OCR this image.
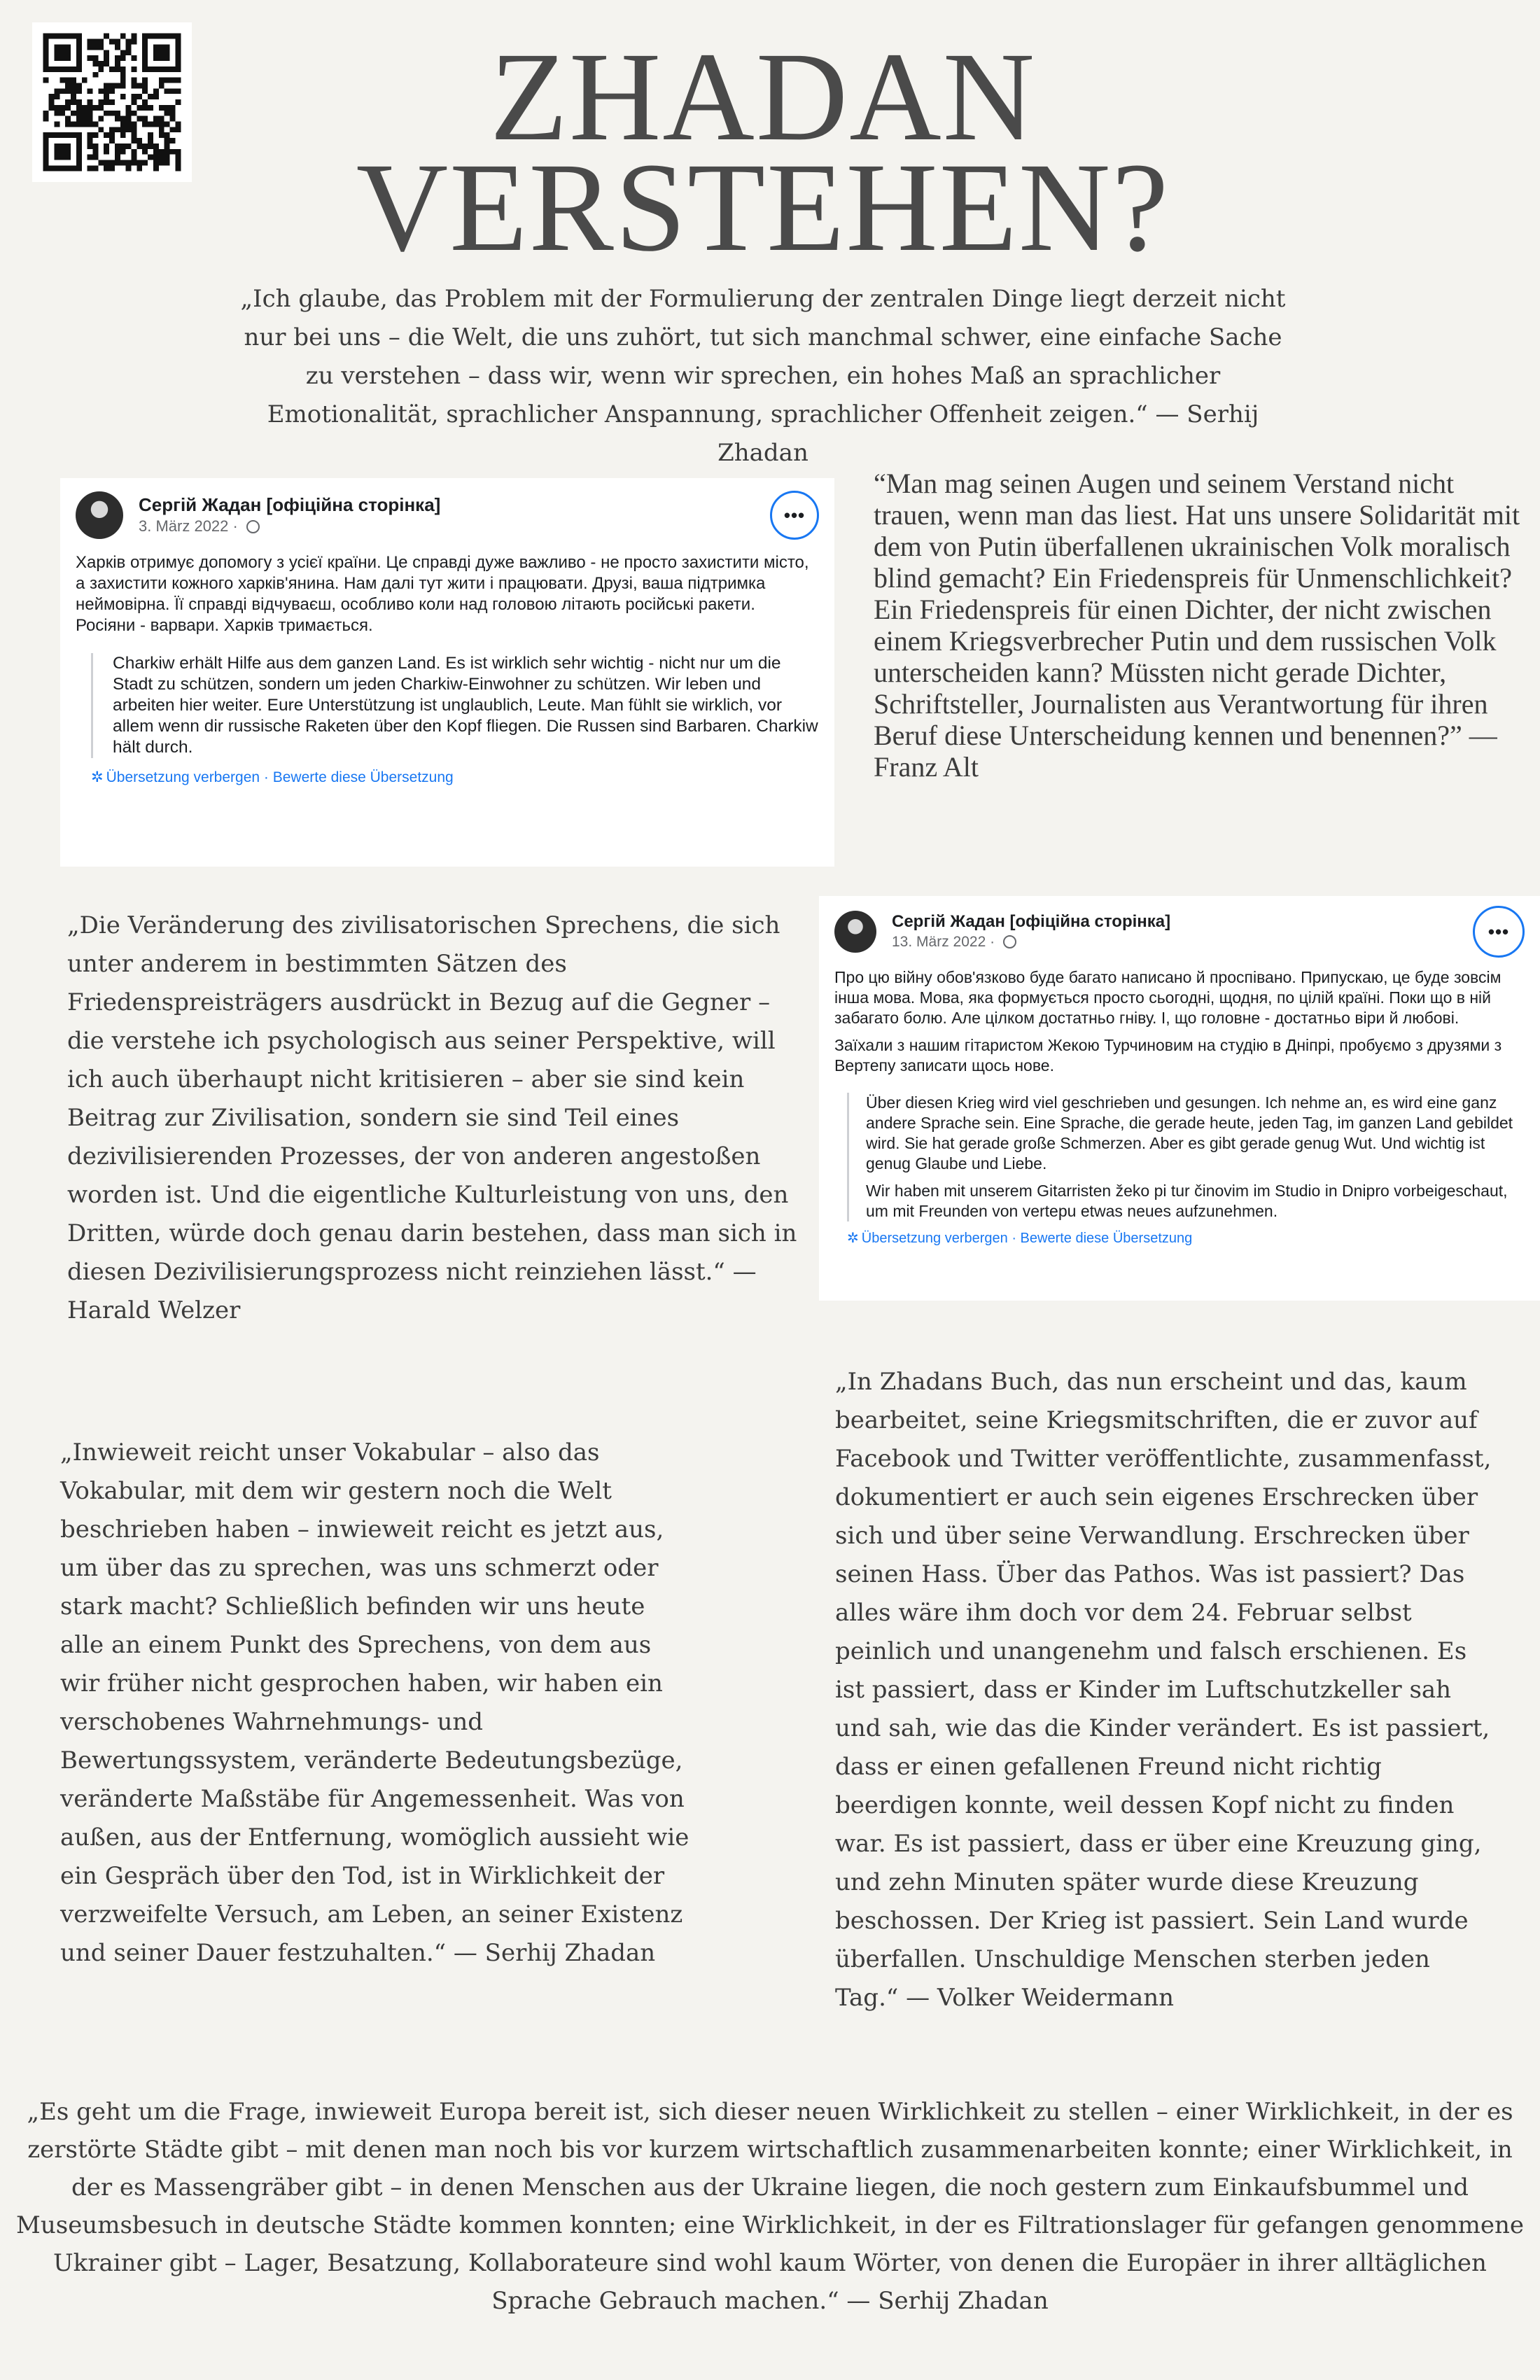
ZHADAN VERSTEHEN?

„Ich glaube, das Problem mit der Formulierung der zentralen Dinge liegt derzeit nicht nur bei uns – die Welt, die uns zuhört, tut sich manchmal schwer, eine einfache Sache zu verstehen – dass wir, wenn wir sprechen, ein hohes Maß an sprachlicher Emotionalität, sprachlicher Anspannung, sprachlicher Offenheit zeigen.“ — Serhij Zhadan

Сергій Жадан [офіційна сторінка]
3. März 2022 ·
•••
Харків отримує допомогу з усієї країни. Це справді дуже важливо - не просто захистити місто, а захистити кожного харків'янина. Нам далі тут жити і працювати. Друзі, ваша підтримка неймовірна. Її справді відчуваєш, особливо коли над головою літають російські ракети. Росіяни - варвари. Харків тримається.

Charkiw erhält Hilfe aus dem ganzen Land. Es ist wirklich sehr wichtig - nicht nur um die Stadt zu schützen, sondern um jeden Charkiw-Einwohner zu schützen. Wir leben und arbeiten hier weiter. Eure Unterstützung ist unglaublich, Leute. Man fühlt sie wirklich, vor allem wenn dir russische Raketen über den Kopf fliegen. Die Russen sind Barbaren. Charkiw hält durch.

✲ Übersetzung verbergen · Bewerte diese Übersetzung

“Man mag seinen Augen und seinem Verstand nicht trauen, wenn man das liest. Hat uns unsere Solidarität mit dem von Putin überfallenen ukrainischen Volk moralisch blind gemacht? Ein Friedenspreis für Unmenschlichkeit? Ein Friedenspreis für einen Dichter, der nicht zwischen einem Kriegsverbrecher Putin und dem russischen Volk unterscheiden kann? Müssten nicht gerade Dichter, Schriftsteller, Journalisten aus Verantwortung für ihren Beruf diese Unterscheidung kennen und benennen?” — Franz Alt

„Die Veränderung des zivilisatorischen Sprechens, die sich unter anderem in bestimmten Sätzen des Friedenspreisträgers ausdrückt in Bezug auf die Gegner – die verstehe ich psychologisch aus seiner Perspektive, will ich auch überhaupt nicht kritisieren – aber sie sind kein Beitrag zur Zivilisation, sondern sie sind Teil eines dezivilisierenden Prozesses, der von anderen angestoßen worden ist. Und die eigentliche Kulturleistung von uns, den Dritten, würde doch genau darin bestehen, dass man sich in diesen Dezivilisierungsprozess nicht reinziehen lässt.“ — Harald Welzer

Сергій Жадан [офіційна сторінка]
13. März 2022 ·	•••
Про цю війну обов'язково буде багато написано й проспівано. Припускаю, це буде зовсім інша мова. Мова, яка формується просто сьогодні, щодня, по цілій країні. Поки що в ній забагато болю. Але цілком достатньо гніву. І, що головне - достатньо віри й любові.
Заїхали з нашим гітаристом Жекою Турчиновим на студію в Дніпрі, пробуємо з друзями з Вертепу записати щось нове.

Über diesen Krieg wird viel geschrieben und gesungen. Ich nehme an, es wird eine ganz andere Sprache sein. Eine Sprache, die gerade heute, jeden Tag, im ganzen Land gebildet wird. Sie hat gerade große Schmerzen. Aber es gibt gerade genug Wut. Und wichtig ist genug Glaube und Liebe.

Wir haben mit unserem Gitarristen žeko pi tur činovim im Studio in Dnipro vorbeigeschaut, um mit Freunden von vertepu etwas neues aufzunehmen.

✲ Übersetzung verbergen · Bewerte diese Übersetzung

„In Zhadans Buch, das nun erscheint und das, kaum bearbeitet, seine Kriegsmitschriften, die er zuvor auf Facebook und Twitter veröffentlichte, zusammenfasst, dokumentiert er auch sein eigenes Erschrecken über sich und über seine Verwandlung. Erschrecken über seinen Hass. Über das Pathos. Was ist passiert? Das alles wäre ihm doch vor dem 24. Februar selbst peinlich und unangenehm und falsch erschienen. Es ist passiert, dass er Kinder im Luftschutzkeller sah und sah, wie das die Kinder verändert. Es ist passiert, dass er einen gefallenen Freund nicht richtig beerdigen konnte, weil dessen Kopf nicht zu finden war. Es ist passiert, dass er über eine Kreuzung ging, und zehn Minuten später wurde diese Kreuzung beschossen. Der Krieg ist passiert. Sein Land wurde überfallen. Unschuldige Menschen sterben jeden Tag.“ — Volker Weidermann

„Inwieweit reicht unser Vokabular – also das Vokabular, mit dem wir gestern noch die Welt beschrieben haben – inwieweit reicht es jetzt aus, um über das zu sprechen, was uns schmerzt oder stark macht? Schließlich befinden wir uns heute alle an einem Punkt des Sprechens, von dem aus wir früher nicht gesprochen haben, wir haben ein verschobenes Wahrnehmungs- und Bewertungssystem, veränderte Bedeutungsbezüge, veränderte Maßstäbe für Angemessenheit. Was von außen, aus der Entfernung, womöglich aussieht wie ein Gespräch über den Tod, ist in Wirklichkeit der verzweifelte Versuch, am Leben, an seiner Existenz und seiner Dauer festzuhalten.“ — Serhij Zhadan

„Es geht um die Frage, inwieweit Europa bereit ist, sich dieser neuen Wirklichkeit zu stellen – einer Wirklichkeit, in der es zerstörte Städte gibt – mit denen man noch bis vor kurzem wirtschaftlich zusammenarbeiten konnte; einer Wirklichkeit, in der es Massengräber gibt – in denen Menschen aus der Ukraine liegen, die noch gestern zum Einkaufsbummel und Museumsbesuch in deutsche Städte kommen konnten; eine Wirklichkeit, in der es Filtrationslager für gefangen genommene Ukrainer gibt – Lager, Besatzung, Kollaborateure sind wohl kaum Wörter, von denen die Europäer in ihrer alltäglichen Sprache Gebrauch machen.“ — Serhij Zhadan
